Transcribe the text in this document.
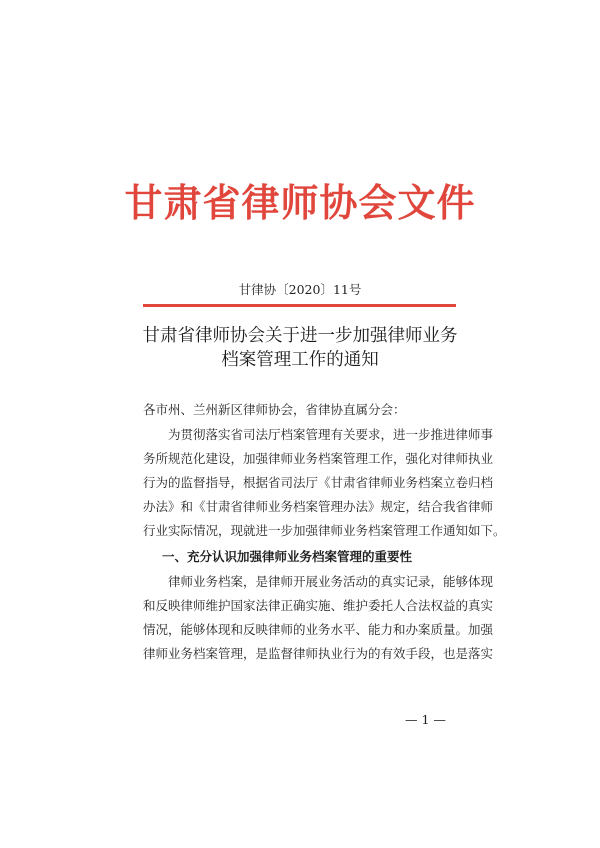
甘肃省律师协会文件
甘律协〔2020〕11号
甘肃省律师协会关于进一步加强律师业务
档案管理工作的通知
各市州、兰州新区律师协会，省律协直属分会：
　　为贯彻落实省司法厅档案管理有关要求，进一步推进律师事
务所规范化建设，加强律师业务档案管理工作，强化对律师执业
行为的监督指导，根据省司法厅《甘肃省律师业务档案立卷归档
办法》和《甘肃省律师业务档案管理办法》规定，结合我省律师
行业实际情况，现就进一步加强律师业务档案管理工作通知如下。
一、充分认识加强律师业务档案管理的重要性
　　律师业务档案，是律师开展业务活动的真实记录，能够体现
和反映律师维护国家法律正确实施、维护委托人合法权益的真实
情况，能够体现和反映律师的业务水平、能力和办案质量。加强
律师业务档案管理，是监督律师执业行为的有效手段，也是落实
— 1 —
